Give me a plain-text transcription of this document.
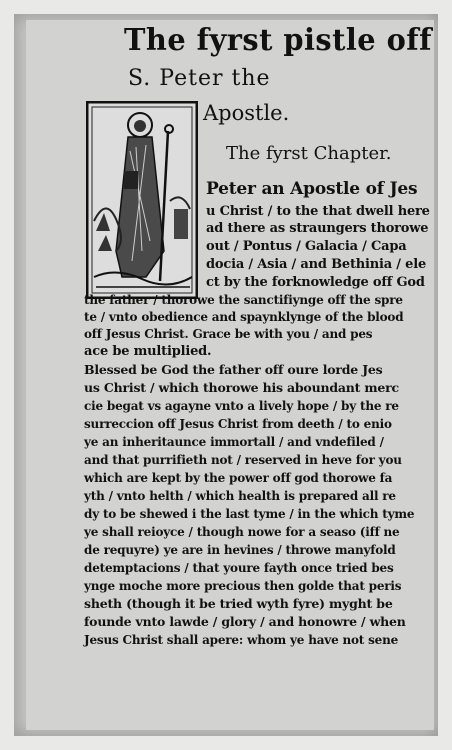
The fyrst pistle off
S. Peter the
Apostle.
The fyrst Chapter.
Peter an Apostle of Jes
u Christ / to the that dwell here
ad there as straungers thorowe
out / Pontus / Galacia / Capa
docia / Asia / and Bethinia / ele
ct by the forknowledge off God
the father / thorowe the sanctifiynge off the spre
te / vnto obedience and spaynklynge of the blood
off Jesus Christ. Grace be with you / and pes
ace be multiplied.
Blessed be God the father off oure lorde Jes
us Christ / which thorowe his aboundant merc
cie begat vs agayne vnto a lively hope / by the re
surreccion off Jesus Christ from deeth / to enio
ye an inheritaunce immortall / and vndefiled /
and that purrifieth not / reserved in heve for you
which are kept by the power off god thorowe fa
yth / vnto helth / which health is prepared all re
dy to be shewed i the last tyme / in the which tyme
ye shall reioyce / though nowe for a seaso (iff ne
de requyre) ye are in hevines / throwe manyfold
detemptacions / that youre fayth once tried bes
ynge moche more precious then golde that peris
sheth (though it be tried wyth fyre) myght be
founde vnto lawde / glory / and honowre / when
Jesus Christ shall apere: whom ye have not sene
